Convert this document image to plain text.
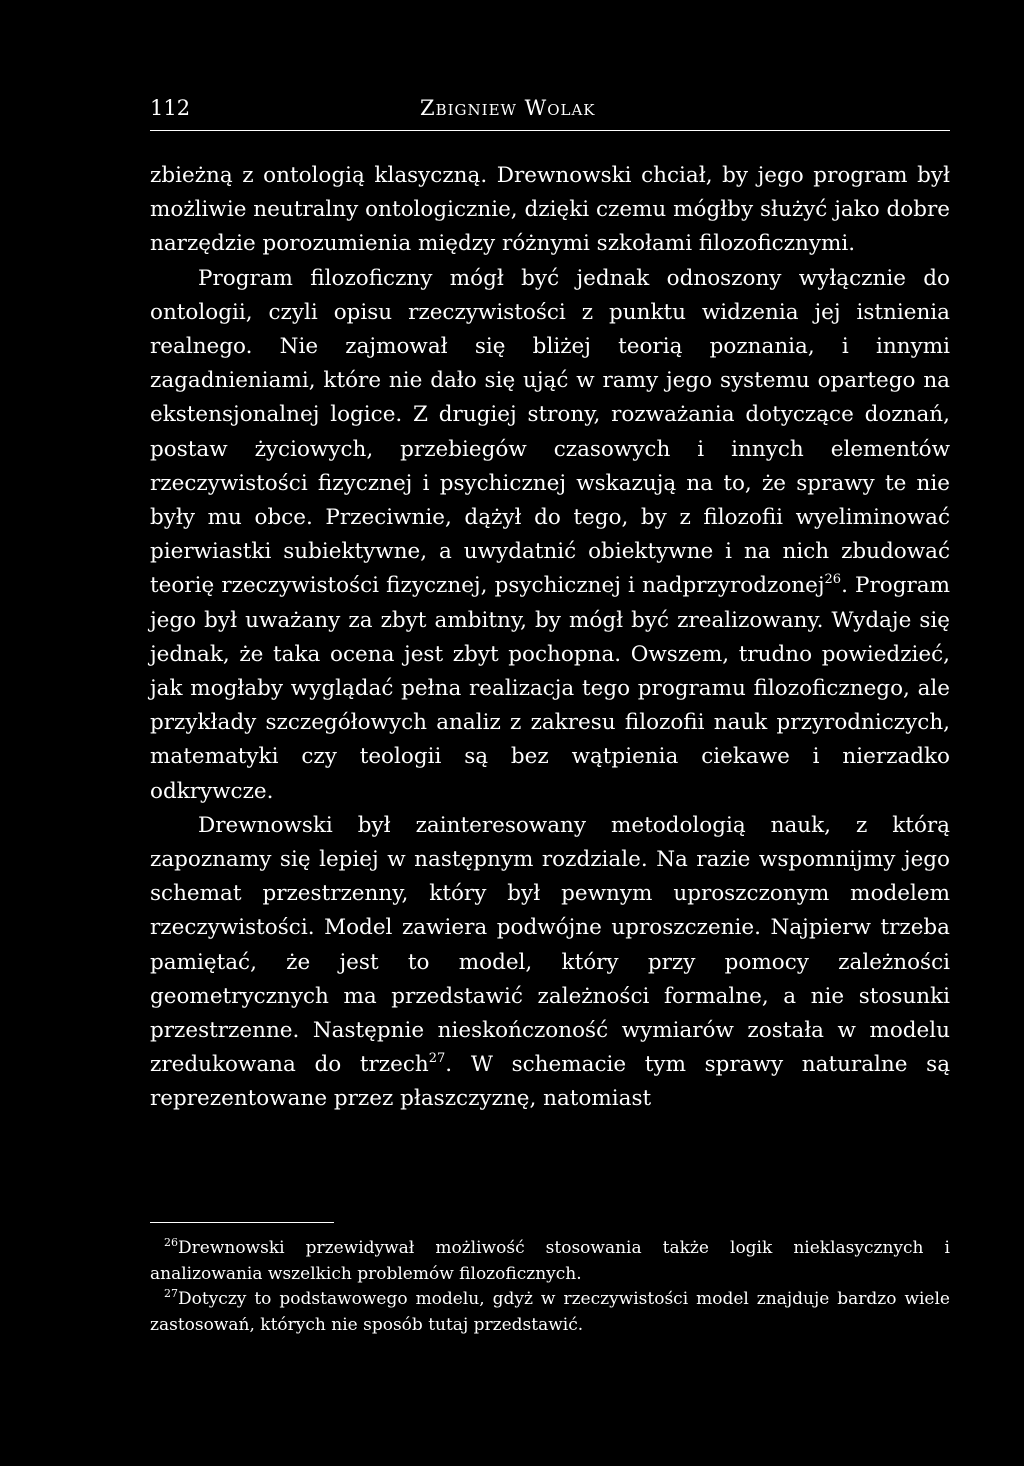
112	Zbigniew Wolak

zbieżną z ontologią klasyczną. Drewnowski chciał, by jego program był możliwie neutralny ontologicznie, dzięki czemu mógłby służyć jako dobre narzędzie porozumienia między różnymi szkołami filozoficznymi.

Program filozoficzny mógł być jednak odnoszony wyłącznie do ontologii, czyli opisu rzeczywistości z punktu widzenia jej istnienia realnego. Nie zajmował się bliżej teorią poznania, i innymi zagadnieniami, które nie dało się ująć w ramy jego systemu opartego na ekstensjonalnej logice. Z drugiej strony, rozważania dotyczące doznań, postaw życiowych, przebiegów czasowych i innych elementów rzeczywistości fizycznej i psychicznej wskazują na to, że sprawy te nie były mu obce. Przeciwnie, dążył do tego, by z filozofii wyeliminować pierwiastki subiektywne, a uwydatnić obiektywne i na nich zbudować teorię rzeczywistości fizycznej, psychicznej i nadprzyrodzonej$^{26}$. Program jego był uważany za zbyt ambitny, by mógł być zrealizowany. Wydaje się jednak, że taka ocena jest zbyt pochopna. Owszem, trudno powiedzieć, jak mogłaby wyglądać pełna realizacja tego programu filozoficznego, ale przykłady szczegółowych analiz z zakresu filozofii nauk przyrodniczych, matematyki czy teologii są bez wątpienia ciekawe i nierzadko odkrywcze.

Drewnowski był zainteresowany metodologią nauk, z którą zapoznamy się lepiej w następnym rozdziale. Na razie wspomnijmy jego schemat przestrzenny, który był pewnym uproszczonym modelem rzeczywistości. Model zawiera podwójne uproszczenie. Najpierw trzeba pamiętać, że jest to model, który przy pomocy zależności geometrycznych ma przedstawić zależności formalne, a nie stosunki przestrzenne. Następnie nieskończoność wymiarów została w modelu zredukowana do trzech$^{27}$. W schemacie tym sprawy naturalne są reprezentowane przez płaszczyznę, natomiast

$^{26}$Drewnowski przewidywał możliwość stosowania także logik nieklasycznych i analizowania wszelkich problemów filozoficznych.

$^{27}$Dotyczy to podstawowego modelu, gdyż w rzeczywistości model znajduje bardzo wiele zastosowań, których nie sposób tutaj przedstawić.
